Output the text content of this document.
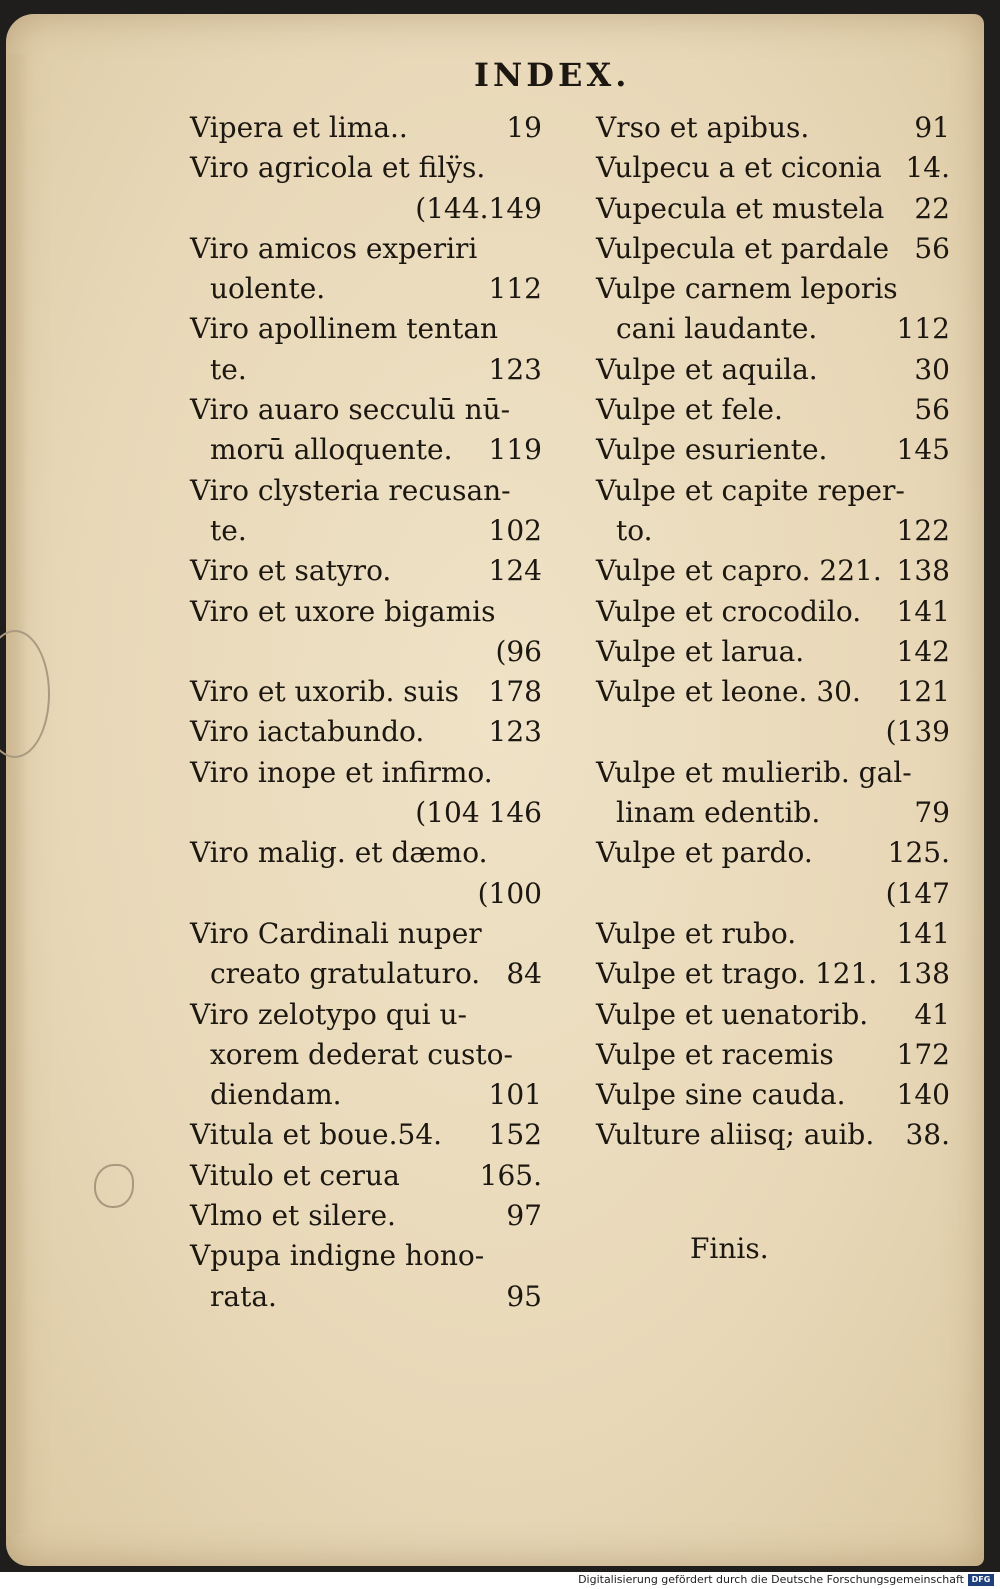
INDEX.
Vipera et lima..	19
Viro agricola et filÿs.
(144.149
Viro amicos experiri
uolente.	112
Viro apollinem tentan
te.	123
Viro auaro secculū nū-
morū alloquente. 119
Viro clysteria recusan-
te.	102
Viro et satyro.	124
Viro et uxore bigamis
(96
Viro et uxorib. suis 178
Viro iactabundo. 123
Viro inope et infirmo.
(104 146
Viro malig. et dæmo.
(100
Viro Cardinali nuper
creato gratulaturo. 84
Viro zelotypo qui u-
xorem dederat custo-
diendam.	101
Vitula et boue.54. 152
Vitulo et cerua	165.
Vlmo et silere.	97
Vpupa indigne hono-
rata.	95
Vrso et apibus.	91
Vulpecu a et ciconia 14.
Vupecula et mustela 22
Vulpecula et pardale 56
Vulpe carnem leporis
cani laudante.	112
Vulpe et aquila.	30
Vulpe et fele.	56
Vulpe esuriente. 145
Vulpe et capite reper-
to.	122
Vulpe et capro. 221. 138
Vulpe et crocodilo. 141
Vulpe et larua.	142
Vulpe et leone. 30. 121
(139
Vulpe et mulierib. gal-
linam edentib.	79
Vulpe et pardo.	125.
(147
Vulpe et rubo.	141
Vulpe et trago. 121. 138
Vulpe et uenatorib. 41
Vulpe et racemis 172
Vulpe sine cauda. 140
Vulture aliisq; auib. 38.
Finis.
Digitalisierung gefördert durch die Deutsche Forschungsgemeinschaft DFG
